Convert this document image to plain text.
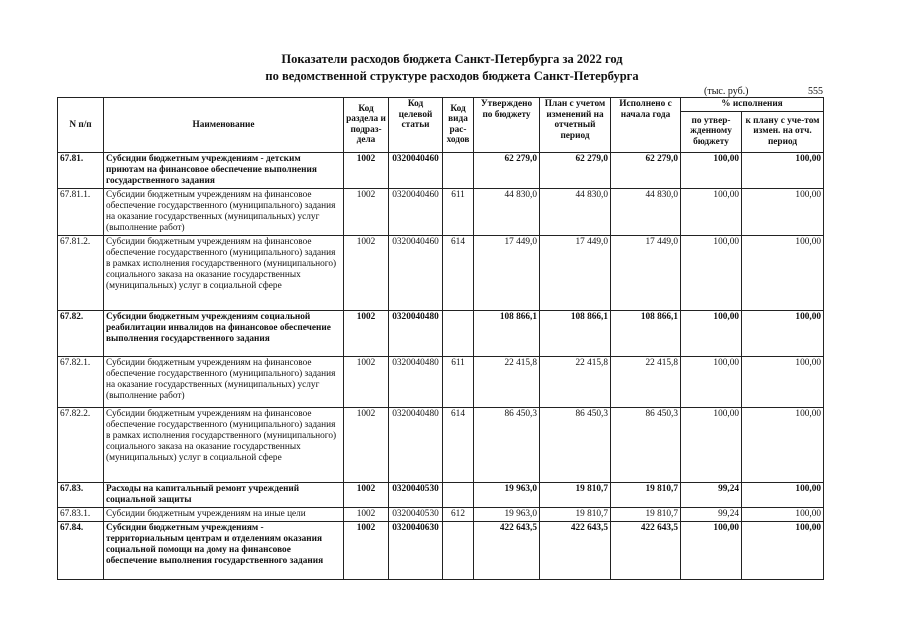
Показатели расходов бюджета Санкт-Петербурга за 2022 год
по ведомственной структуре расходов бюджета Санкт-Петербурга
(тыс. руб.)	555
N п/п	Наименование	Код раздела и подраз-дела	Код целевой статьи	Код вида рас-ходов	Утверждено по бюджету	План с учетом изменений на отчетный период	Исполнено с начала года	% исполнения	
								по утвер-жденному бюджету	к плану с уче-том измен. на отч. период
67.81.	Субсидии бюджетным учреждениям - детским приютам на финансовое обеспечение выполнения государственного задания	1002	0320040460		62 279,0	62 279,0	62 279,0	100,00	100,00
67.81.1.	Субсидии бюджетным учреждениям на финансовое обеспечение государственного (муниципального) задания на оказание государственных (муниципальных) услуг (выполнение работ)	1002	0320040460	611	44 830,0	44 830,0	44 830,0	100,00	100,00
67.81.2.	Субсидии бюджетным учреждениям на финансовое обеспечение государственного (муниципального) задания в рамках исполнения государственного (муниципального) социального заказа на оказание государственных (муниципальных) услуг в социальной сфере	1002	0320040460	614	17 449,0	17 449,0	17 449,0	100,00	100,00
67.82.	Субсидии бюджетным учреждениям социальной реабилитации инвалидов на финансовое обеспечение выполнения государственного задания	1002	0320040480		108 866,1	108 866,1	108 866,1	100,00	100,00
67.82.1.	Субсидии бюджетным учреждениям на финансовое обеспечение государственного (муниципального) задания на оказание государственных (муниципальных) услуг (выполнение работ)	1002	0320040480	611	22 415,8	22 415,8	22 415,8	100,00	100,00
67.82.2.	Субсидии бюджетным учреждениям на финансовое обеспечение государственного (муниципального) задания в рамках исполнения государственного (муниципального) социального заказа на оказание государственных (муниципальных) услуг в социальной сфере	1002	0320040480	614	86 450,3	86 450,3	86 450,3	100,00	100,00
67.83.	Расходы на капитальный ремонт учреждений социальной защиты	1002	0320040530		19 963,0	19 810,7	19 810,7	99,24	100,00
67.83.1.	Субсидии бюджетным учреждениям на иные цели	1002	0320040530	612	19 963,0	19 810,7	19 810,7	99,24	100,00
67.84.	Субсидии бюджетным учреждениям - территориальным центрам и отделениям оказания социальной помощи на дому на финансовое обеспечение выполнения государственного задания	1002	0320040630		422 643,5	422 643,5	422 643,5	100,00	100,00
